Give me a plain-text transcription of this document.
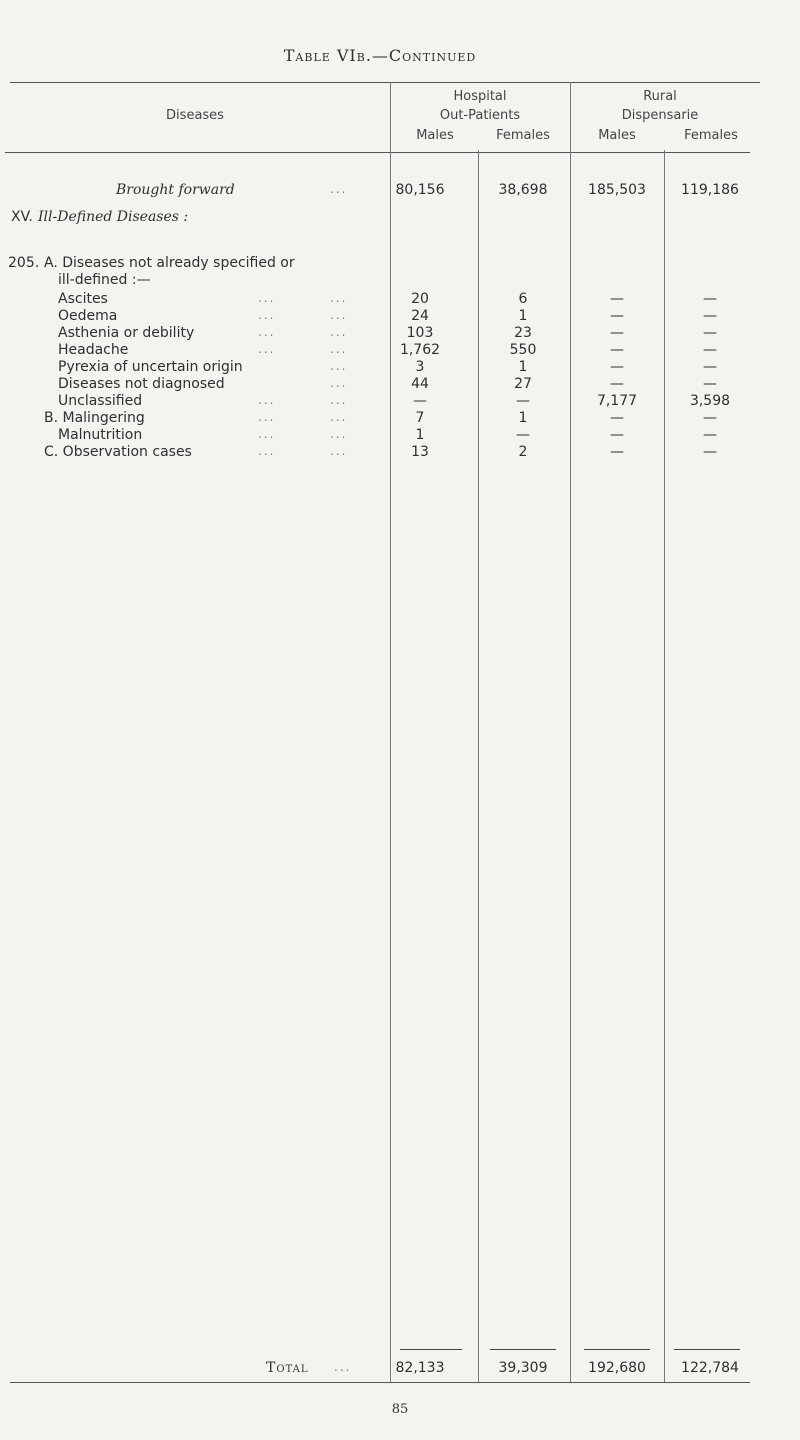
Table VIb.—Continued
Diseases
Hospital
Out-Patients
Males	Females
Rural
Dispensarie
Males	Females
Brought forward	...	80,156	38,698	185,503	119,186
XV. Ill-Defined Diseases :
205. A. Diseases not already specified or
ill-defined :—
Ascites	...	...	20	6	—	—
Oedema	...	...	24	1	—	—
Asthenia or debility	...	...	103	23	—	—
Headache	...	...	1,762	550	—	—
Pyrexia of uncertain origin	...	3	1	—	—
Diseases not diagnosed	...	44	27	—	—
Unclassified	...	...	—	—	7,177	3,598
B. Malingering	...	...	7	1	—	—
Malnutrition	...	...	1	—	—	—
C. Observation cases	...	...	13	2	—	—
Total ...	82,133	39,309	192,680	122,784
85
